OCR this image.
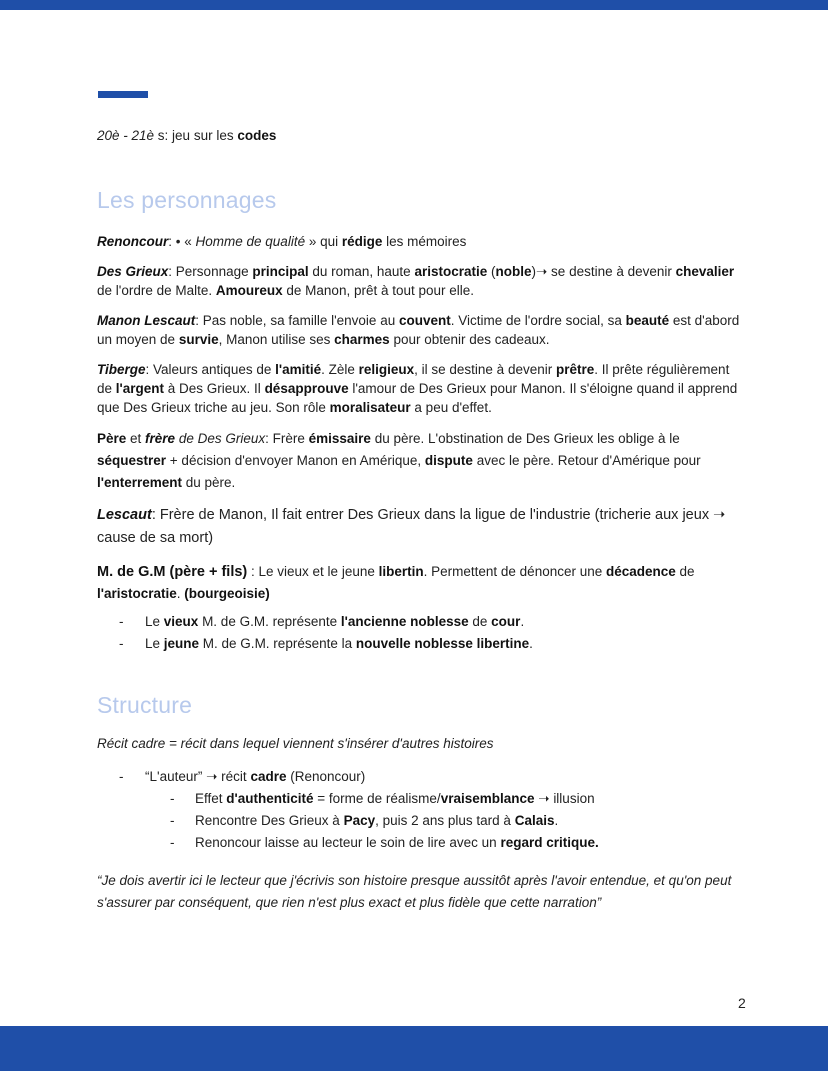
20è - 21è s: jeu sur les codes

Les personnages

Renoncour: • « Homme de qualité » qui rédige les mémoires

Des Grieux: Personnage principal du roman, haute aristocratie (noble)➝ se destine à devenir chevalier de l'ordre de Malte. Amoureux de Manon, prêt à tout pour elle.

Manon Lescaut: Pas noble, sa famille l'envoie au couvent. Victime de l'ordre social, sa beauté est d'abord un moyen de survie, Manon utilise ses charmes pour obtenir des cadeaux.

Tiberge: Valeurs antiques de l'amitié. Zèle religieux, il se destine à devenir prêtre. Il prête régulièrement de l'argent à Des Grieux. Il désapprouve l'amour de Des Grieux pour Manon. Il s'éloigne quand il apprend que Des Grieux triche au jeu. Son rôle moralisateur a peu d'effet.

Père et frère de Des Grieux: Frère émissaire du père. L'obstination de Des Grieux les oblige à le séquestrer + décision d'envoyer Manon en Amérique, dispute avec le père. Retour d'Amérique pour l'enterrement du père.

Lescaut: Frère de Manon, Il fait entrer Des Grieux dans la ligue de l'industrie (tricherie aux jeux ➝ cause de sa mort)

M. de G.M (père + fils) : Le vieux et le jeune libertin. Permettent de dénoncer une décadence de l'aristocratie. (bourgeoisie)

- Le vieux M. de G.M. représente l'ancienne noblesse de cour.
- Le jeune M. de G.M. représente la nouvelle noblesse libertine.
Structure

Récit cadre = récit dans lequel viennent s'insérer d'autres histoires

- “L'auteur” ➝ récit cadre (Renoncour)
- Effet d'authenticité = forme de réalisme/vraisemblance ➝ illusion
- Rencontre Des Grieux à Pacy, puis 2 ans plus tard à Calais.
- Renoncour laisse au lecteur le soin de lire avec un regard critique.

“Je dois avertir ici le lecteur que j'écrivis son histoire presque aussitôt après l'avoir entendue, et qu'on peut s'assurer par conséquent, que rien n'est plus exact et plus fidèle que cette narration”

2
